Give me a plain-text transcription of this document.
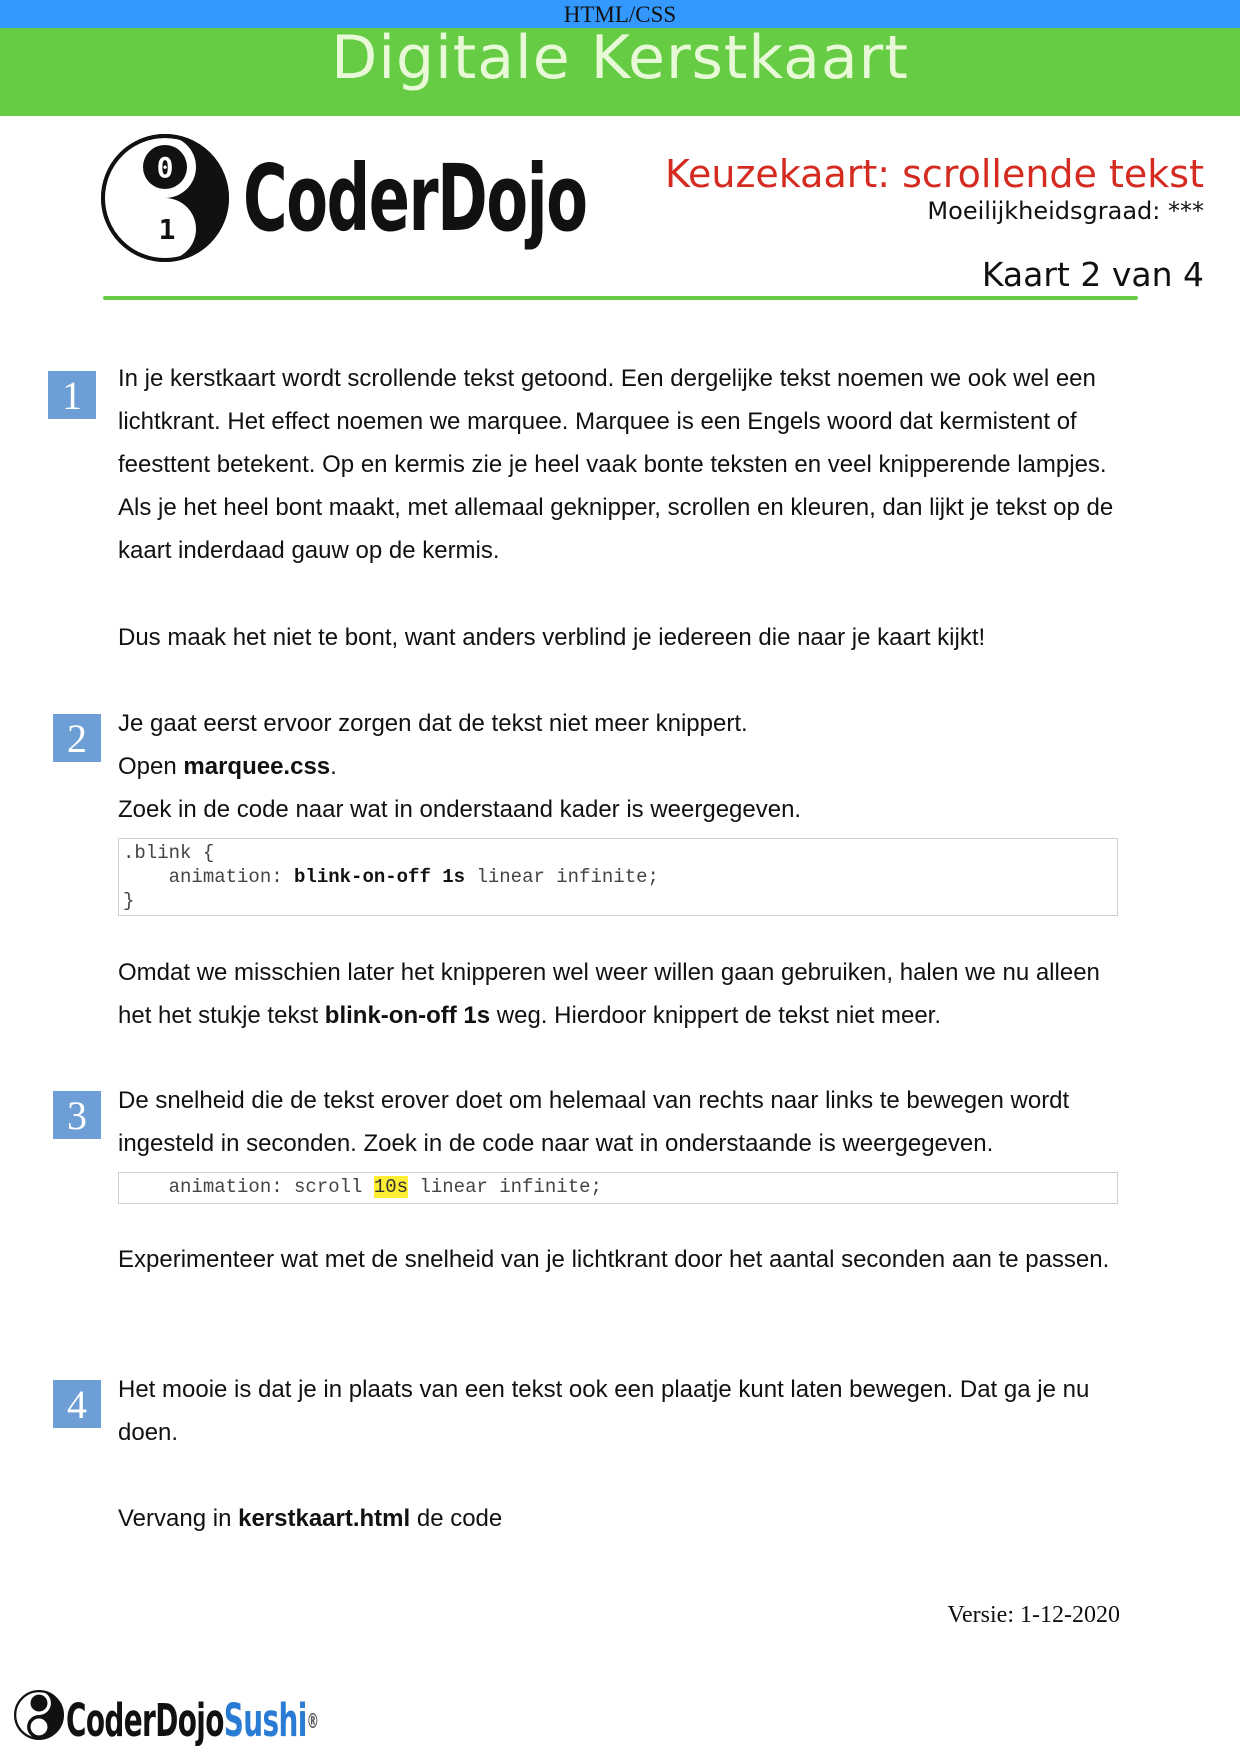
HTML/CSS
Digitale Kerstkaart
0
1 CoderDojo Keuzekaart: scrollende tekst
Moeilijkheidsgraad: ***
Kaart 2 van 4
1	In je kerstkaart wordt scrollende tekst getoond. Een dergelijke tekst noemen we ook wel een lichtkrant. Het effect noemen we marquee. Marquee is een Engels woord dat kermistent of feesttent betekent. Op en kermis zie je heel vaak bonte teksten en veel knipperende lampjes. Als je het heel bont maakt, met allemaal geknipper, scrollen en kleuren, dan lijkt je tekst op de kaart inderdaad gauw op de kermis.
Dus maak het niet te bont, want anders verblind je iedereen die naar je kaart kijkt!
2	Je gaat eerst ervoor zorgen dat de tekst niet meer knippert.
Open marquee.css.
Zoek in de code naar wat in onderstaand kader is weergegeven.
.blink {
animation: blink-on-off 1s linear infinite;
}
Omdat we misschien later het knipperen wel weer willen gaan gebruiken, halen we nu alleen het het stukje tekst blink-on-off 1s weg. Hierdoor knippert de tekst niet meer.
3	De snelheid die de tekst erover doet om helemaal van rechts naar links te bewegen wordt ingesteld in seconden. Zoek in de code naar wat in onderstaande is weergegeven.
animation: scroll 10s linear infinite;
Experimenteer wat met de snelheid van je lichtkrant door het aantal seconden aan te passen.
4	Het mooie is dat je in plaats van een tekst ook een plaatje kunt laten bewegen. Dat ga je nu doen.
Vervang in kerstkaart.html de code
Versie: 1-12-2020
CoderDojoSushi®
